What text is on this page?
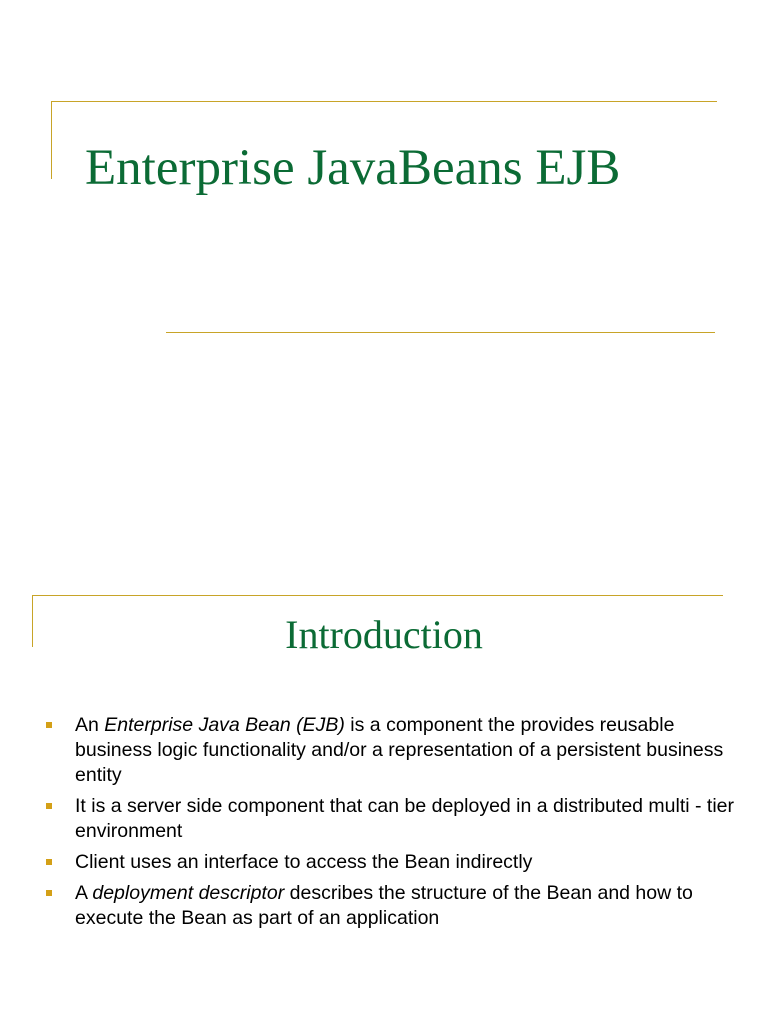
Enterprise JavaBeans EJB
Introduction
An Enterprise Java Bean (EJB) is a component the provides reusable business logic functionality and/or a representation of a persistent business entity
It is a server side component that can be deployed in a distributed multi - tier environment
Client uses an interface to access the Bean indirectly
A deployment descriptor describes the structure of the Bean and how to execute the Bean as part of an application
